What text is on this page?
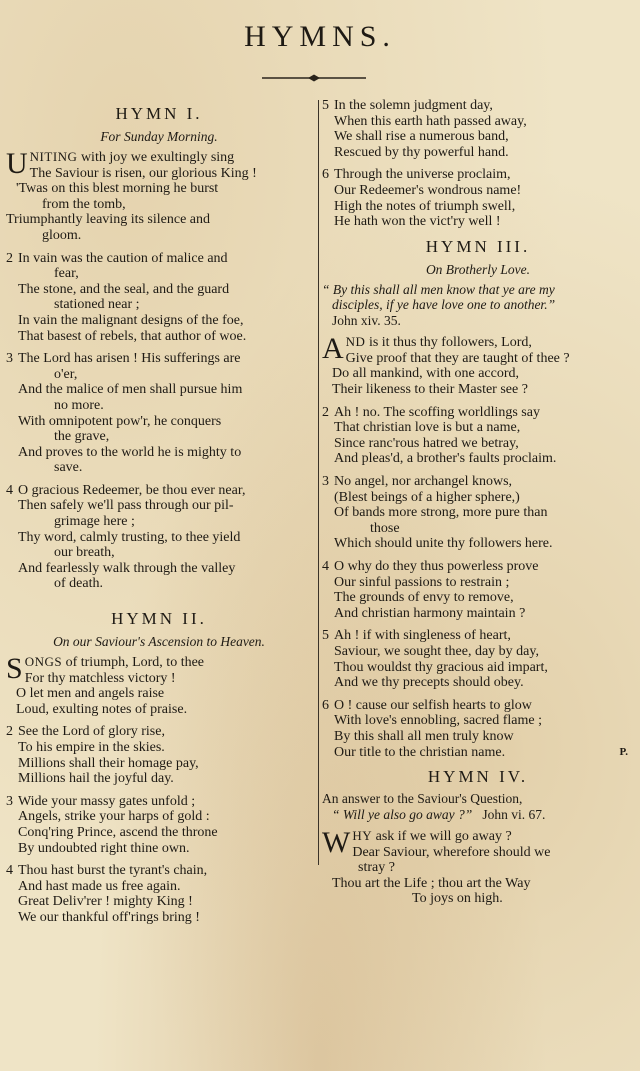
HYMNS.
HYMN I.
For Sunday Morning.
U NITING with joy we exultingly sing
The Saviour is risen, our glorious King !
'Twas on this blest morning he burst
from the tomb,
Triumphantly leaving its silence and
gloom.
2 In vain was the caution of malice and
fear,
The stone, and the seal, and the guard
stationed near ;
In vain the malignant designs of the foe,
That basest of rebels, that author of woe.
3 The Lord has arisen ! His sufferings are
o'er,
And the malice of men shall pursue him
no more.
With omnipotent pow'r, he conquers
the grave,
And proves to the world he is mighty to
save.
4 O gracious Redeemer, be thou ever near,
Then safely we'll pass through our pil-
grimage here ;
Thy word, calmly trusting, to thee yield
our breath,
And fearlessly walk through the valley
of death.
HYMN II.
On our Saviour's Ascension to Heaven.
S ONGS of triumph, Lord, to thee
For thy matchless victory !
O let men and angels raise
Loud, exulting notes of praise.
2 See the Lord of glory rise,
To his empire in the skies.
Millions shall their homage pay,
Millions hail the joyful day.
3 Wide your massy gates unfold ;
Angels, strike your harps of gold :
Conq'ring Prince, ascend the throne
By undoubted right thine own.
4 Thou hast burst the tyrant's chain,
And hast made us free again.
Great Deliv'rer ! mighty King !
We our thankful off'rings bring !
5 In the solemn judgment day,
When this earth hath passed away,
We shall rise a numerous band,
Rescued by thy powerful hand.
6 Through the universe proclaim,
Our Redeemer's wondrous name!
High the notes of triumph swell,
He hath won the vict'ry well !
HYMN III.
On Brotherly Love.
“ By this shall all men know that ye are my
disciples, if ye have love one to another.”
John xiv. 35.
A ND is it thus thy followers, Lord,
Give proof that they are taught of thee ?
Do all mankind, with one accord,
Their likeness to their Master see ?
2 Ah ! no. The scoffing worldlings say
That christian love is but a name,
Since ranc'rous hatred we betray,
And pleas'd, a brother's faults proclaim.
3 No angel, nor archangel knows,
(Blest beings of a higher sphere,)
Of bands more strong, more pure than
those
Which should unite thy followers here.
4 O why do they thus powerless prove
Our sinful passions to restrain ;
The grounds of envy to remove,
And christian harmony maintain ?
5 Ah ! if with singleness of heart,
Saviour, we sought thee, day by day,
Thou wouldst thy gracious aid impart,
And we thy precepts should obey.
6 O ! cause our selfish hearts to glow
With love's ennobling, sacred flame ;
By this shall all men truly know
Our title to the christian name.	P.
HYMN IV.
An answer to the Saviour's Question,
“ Will ye also go away ?” John vi. 67.
W HY ask if we will go away ?
Dear Saviour, wherefore should we
stray ?
Thou art the Life ; thou art the Way
To joys on high.
